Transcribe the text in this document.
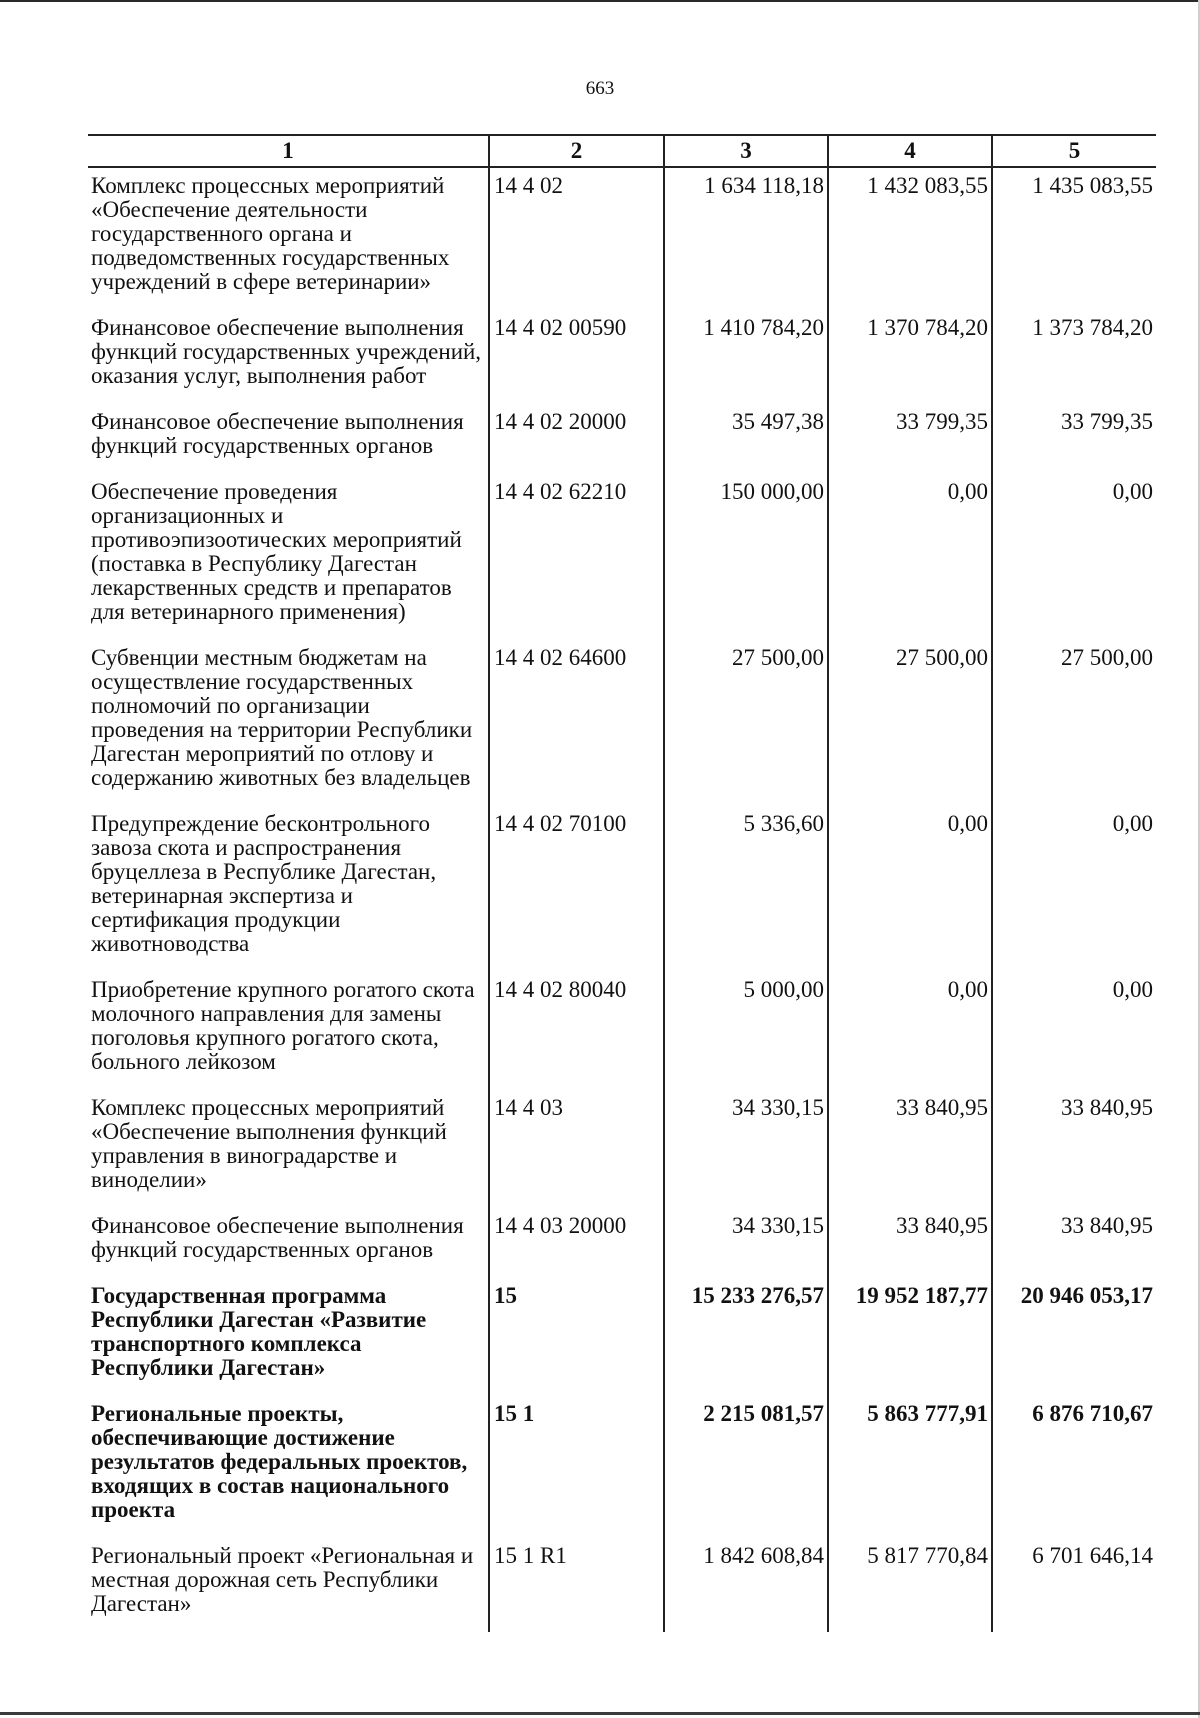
663
1	2	3	4	5
Комплекс процессных мероприятий «Обеспечение деятельности государственного органа и подведомственных государственных учреждений в сфере ветеринарии»	14 4 02	1 634 118,18	1 432 083,55	1 435 083,55
Финансовое обеспечение выполнения функций государственных учреждений, оказания услуг, выполнения работ	14 4 02 00590	1 410 784,20	1 370 784,20	1 373 784,20
Финансовое обеспечение выполнения функций государственных органов	14 4 02 20000	35 497,38	33 799,35	33 799,35
Обеспечение проведения организационных и противоэпизоотических мероприятий (поставка в Республику Дагестан лекарственных средств и препаратов для ветеринарного применения)	14 4 02 62210	150 000,00	0,00	0,00
Субвенции местным бюджетам на осуществление государственных полномочий по организации проведения на территории Республики Дагестан мероприятий по отлову и содержанию животных без владельцев	14 4 02 64600	27 500,00	27 500,00	27 500,00
Предупреждение бесконтрольного завоза скота и распространения бруцеллеза в Республике Дагестан, ветеринарная экспертиза и сертификация продукции животноводства	14 4 02 70100	5 336,60	0,00	0,00
Приобретение крупного рогатого скота молочного направления для замены поголовья крупного рогатого скота, больного лейкозом	14 4 02 80040	5 000,00	0,00	0,00
Комплекс процессных мероприятий «Обеспечение выполнения функций управления в виноградарстве и виноделии»	14 4 03	34 330,15	33 840,95	33 840,95
Финансовое обеспечение выполнения функций государственных органов	14 4 03 20000	34 330,15	33 840,95	33 840,95
Государственная программа Республики Дагестан «Развитие транспортного комплекса Республики Дагестан»	15	15 233 276,57	19 952 187,77	20 946 053,17
Региональные проекты, обеспечивающие достижение результатов федеральных проектов, входящих в состав национального проекта	15 1	2 215 081,57	5 863 777,91	6 876 710,67
Региональный проект «Региональная и местная дорожная сеть Республики Дагестан»	15 1 R1	1 842 608,84	5 817 770,84	6 701 646,14
